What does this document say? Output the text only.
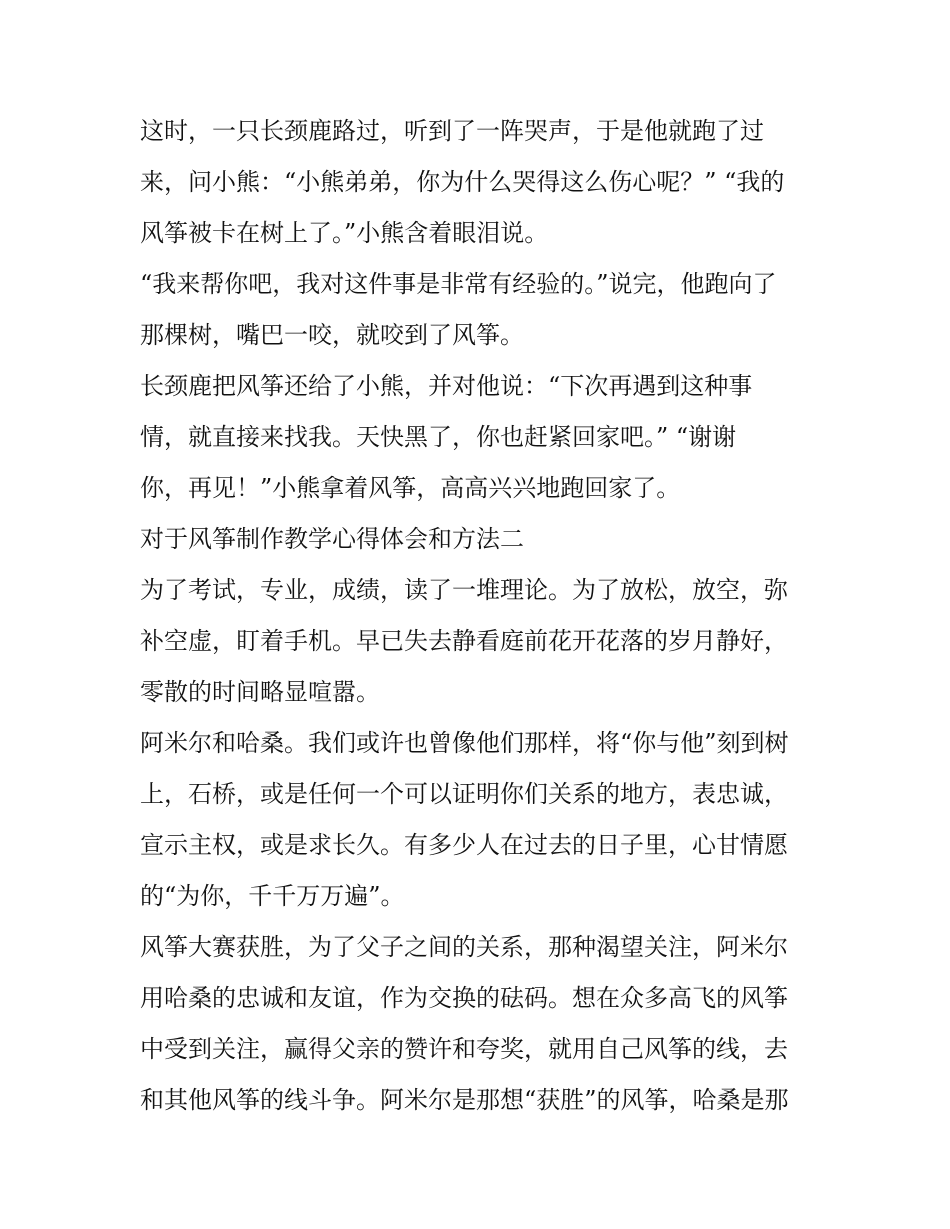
这时，一只长颈鹿路过，听到了一阵哭声，于是他就跑了过
来，问小熊：“小熊弟弟，你为什么哭得这么伤心呢？” “我的
风筝被卡在树上了。”小熊含着眼泪说。
“我来帮你吧，我对这件事是非常有经验的。”说完，他跑向了
那棵树，嘴巴一咬，就咬到了风筝。
长颈鹿把风筝还给了小熊，并对他说：“下次再遇到这种事
情，就直接来找我。天快黑了，你也赶紧回家吧。” “谢谢
你，再见！”小熊拿着风筝，高高兴兴地跑回家了。
对于风筝制作教学心得体会和方法二
为了考试，专业，成绩，读了一堆理论。为了放松，放空，弥
补空虚，盯着手机。早已失去静看庭前花开花落的岁月静好，
零散的时间略显喧嚣。
阿米尔和哈桑。我们或许也曾像他们那样，将“你与他”刻到树
上，石桥，或是任何一个可以证明你们关系的地方，表忠诚，
宣示主权，或是求长久。有多少人在过去的日子里，心甘情愿
的“为你，千千万万遍”。
风筝大赛获胜，为了父子之间的关系，那种渴望关注，阿米尔
用哈桑的忠诚和友谊，作为交换的砝码。想在众多高飞的风筝
中受到关注，赢得父亲的赞许和夸奖，就用自己风筝的线，去
和其他风筝的线斗争。阿米尔是那想“获胜”的风筝，哈桑是那
